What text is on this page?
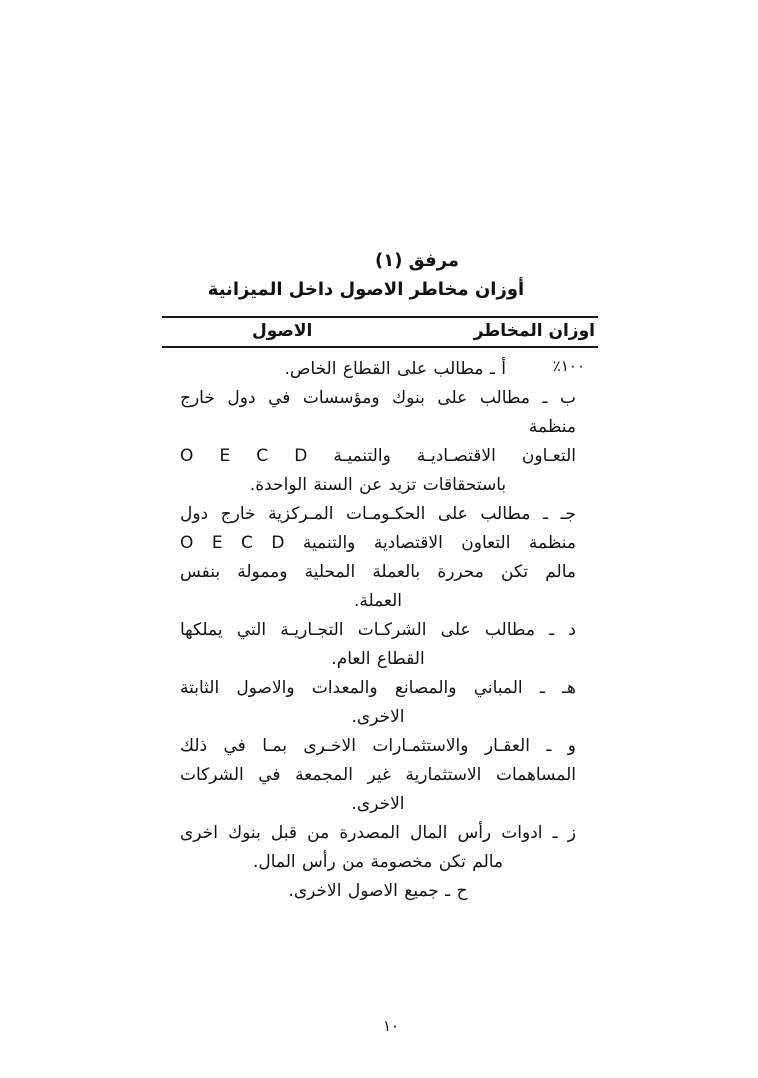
مرفق (١)
أوزان مخاطر الاصول داخل الميزانية
اوزان المخاطر
الاصول
١٠٠٪
أ ـ مطالب على القطاع الخاص.
ب ـ مطالب على بنوك ومؤسسات في دول خارج منظمة
التعـاون الاقتصـاديـة والتنميـة O E C D
باستحقاقات تزيد عن السنة الواحدة.
جـ ـ مطالب على الحكـومـات المـركزية خارج دول
منظمة التعاون الاقتصادية والتنمية O E C D
مالم تكن محررة بالعملة المحلية وممولة بنفس
العملة.
د ـ مطالب على الشركـات التجـاريـة التي يملكها
القطاع العام.
هـ ـ المباني والمصانع والمعدات والاصول الثابتة
الاخرى.
و ـ العقـار والاستثمـارات الاخـرى بمـا في ذلك
المساهمات الاستثمارية غير المجمعة في الشركات
الاخرى.
ز ـ ادوات رأس المال المصدرة من قبل بنوك اخرى
مالم تكن مخصومة من رأس المال.
ح ـ جميع الاصول الاخرى.
١٠
